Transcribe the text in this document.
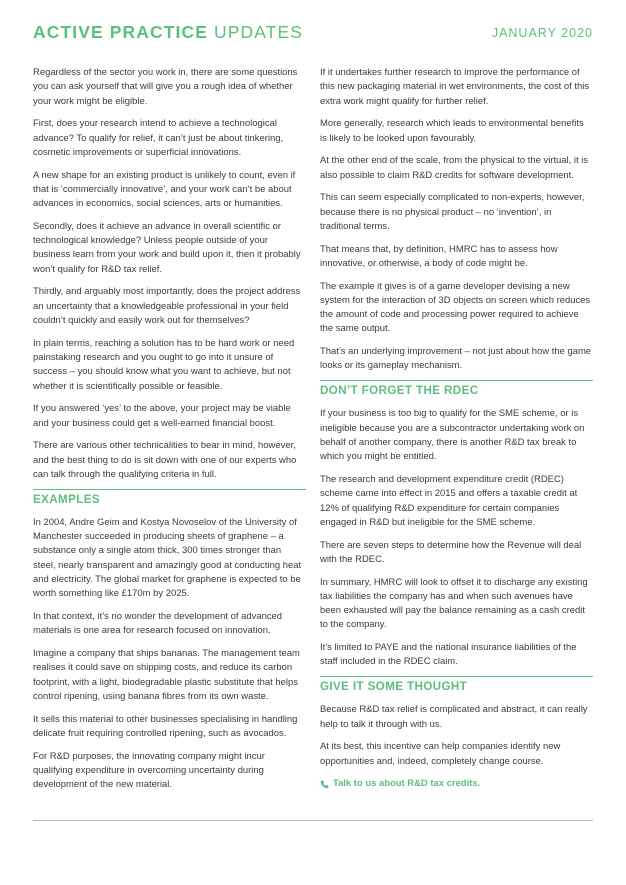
ACTIVE PRACTICE UPDATES	JANUARY 2020

Regardless of the sector you work in, there are some questions you can ask yourself that will give you a rough idea of whether your work might be eligible.

First, does your research intend to achieve a technological advance? To qualify for relief, it can’t just be about tinkering, cosmetic improvements or superficial innovations.

A new shape for an existing product is unlikely to count, even if that is ‘commercially innovative’, and your work can’t be about advances in economics, social sciences, arts or humanities.

Secondly, does it achieve an advance in overall scientific or technological knowledge? Unless people outside of your business learn from your work and build upon it, then it probably won’t qualify for R&D tax relief.

Thirdly, and arguably most importantly, does the project address an uncertainty that a knowledgeable professional in your field couldn’t quickly and easily work out for themselves?

In plain terms, reaching a solution has to be hard work or need painstaking research and you ought to go into it unsure of success – you should know what you want to achieve, but not whether it is scientifically possible or feasible.

If you answered ‘yes’ to the above, your project may be viable and your business could get a well-earned financial boost.

There are various other technicalities to bear in mind, however, and the best thing to do is sit down with one of our experts who can talk through the qualifying criteria in full.

EXAMPLES

In 2004, Andre Geim and Kostya Novoselov of the University of Manchester succeeded in producing sheets of graphene – a substance only a single atom thick, 300 times stronger than steel, nearly transparent and amazingly good at conducting heat and electricity. The global market for graphene is expected to be worth something like £170m by 2025.

In that context, it’s no wonder the development of advanced materials is one area for research focused on innovation.

Imagine a company that ships bananas. The management team realises it could save on shipping costs, and reduce its carbon footprint, with a light, biodegradable plastic substitute that helps control ripening, using banana fibres from its own waste.

It sells this material to other businesses specialising in handling delicate fruit requiring controlled ripening, such as avocados.

For R&D purposes, the innovating company might incur qualifying expenditure in overcoming uncertainty during development of the new material.

If it undertakes further research to improve the performance of this new packaging material in wet environments, the cost of this extra work might qualify for further relief.

More generally, research which leads to environmental benefits is likely to be looked upon favourably.

At the other end of the scale, from the physical to the virtual, it is also possible to claim R&D credits for software development.

This can seem especially complicated to non-experts, however, because there is no physical product – no ‘invention’, in traditional terms.

That means that, by definition, HMRC has to assess how innovative, or otherwise, a body of code might be.

The example it gives is of a game developer devising a new system for the interaction of 3D objects on screen which reduces the amount of code and processing power required to achieve the same output.

That’s an underlying improvement – not just about how the game looks or its gameplay mechanism.

DON’T FORGET THE RDEC

If your business is too big to qualify for the SME scheme, or is ineligible because you are a subcontractor undertaking work on behalf of another company, there is another R&D tax break to which you might be entitled.

The research and development expenditure credit (RDEC) scheme came into effect in 2015 and offers a taxable credit at 12% of qualifying R&D expenditure for certain companies engaged in R&D but ineligible for the SME scheme.

There are seven steps to determine how the Revenue will deal with the RDEC.

In summary, HMRC will look to offset it to discharge any existing tax liabilities the company has and when such avenues have been exhausted will pay the balance remaining as a cash credit to the company.

It’s limited to PAYE and the national insurance liabilities of the staff included in the RDEC claim.

GIVE IT SOME THOUGHT

Because R&D tax relief is complicated and abstract, it can really help to talk it through with us.

At its best, this incentive can help companies identify new opportunities and, indeed, completely change course.

Talk to us about R&D tax credits.
